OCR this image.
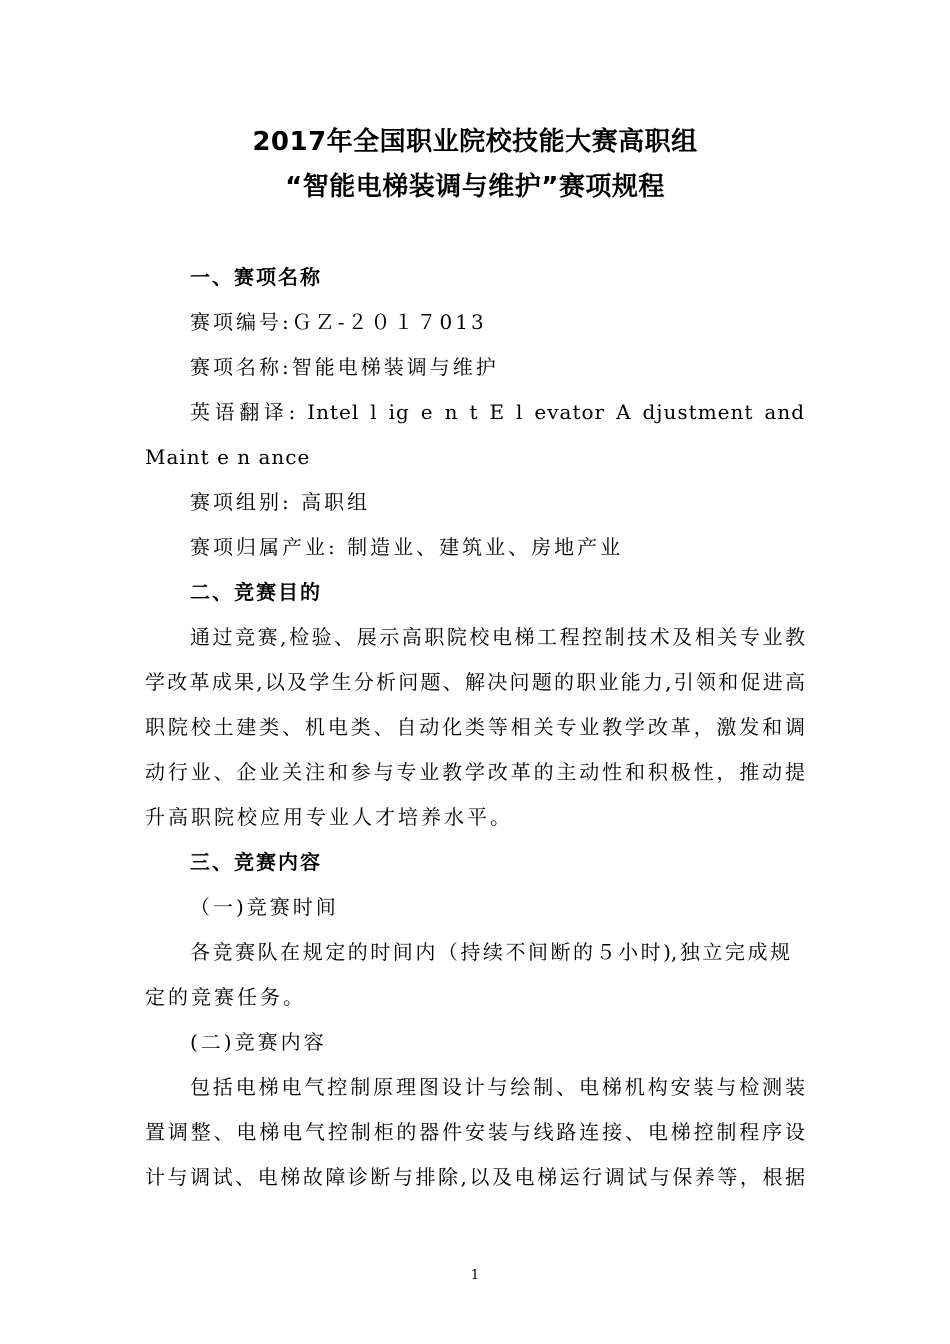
2017年全国职业院校技能大赛高职组
“智能电梯装调与维护”赛项规程
一、赛项名称
赛项编号:ＧＺ-２０１７013
赛项名称:智能电梯装调与维护
英语翻译: Intel l ig e n t E l evator A djustment and
Maint e n ance
赛项组别: 高职组
赛项归属产业: 制造业、建筑业、房地产业
二、竞赛目的
通过竞赛,检验、展示高职院校电梯工程控制技术及相关专业教
学改革成果,以及学生分析问题、解决问题的职业能力,引领和促进高
职院校土建类、机电类、自动化类等相关专业教学改革，激发和调
动行业、企业关注和参与专业教学改革的主动性和积极性，推动提
升高职院校应用专业人才培养水平。
三、竞赛内容
（一)竞赛时间
各竞赛队在规定的时间内（持续不间断的５小时),独立完成规
定的竞赛任务。
(二)竞赛内容
包括电梯电气控制原理图设计与绘制、电梯机构安装与检测装
置调整、电梯电气控制柜的器件安装与线路连接、电梯控制程序设
计与调试、电梯故障诊断与排除,以及电梯运行调试与保养等，根据
1
